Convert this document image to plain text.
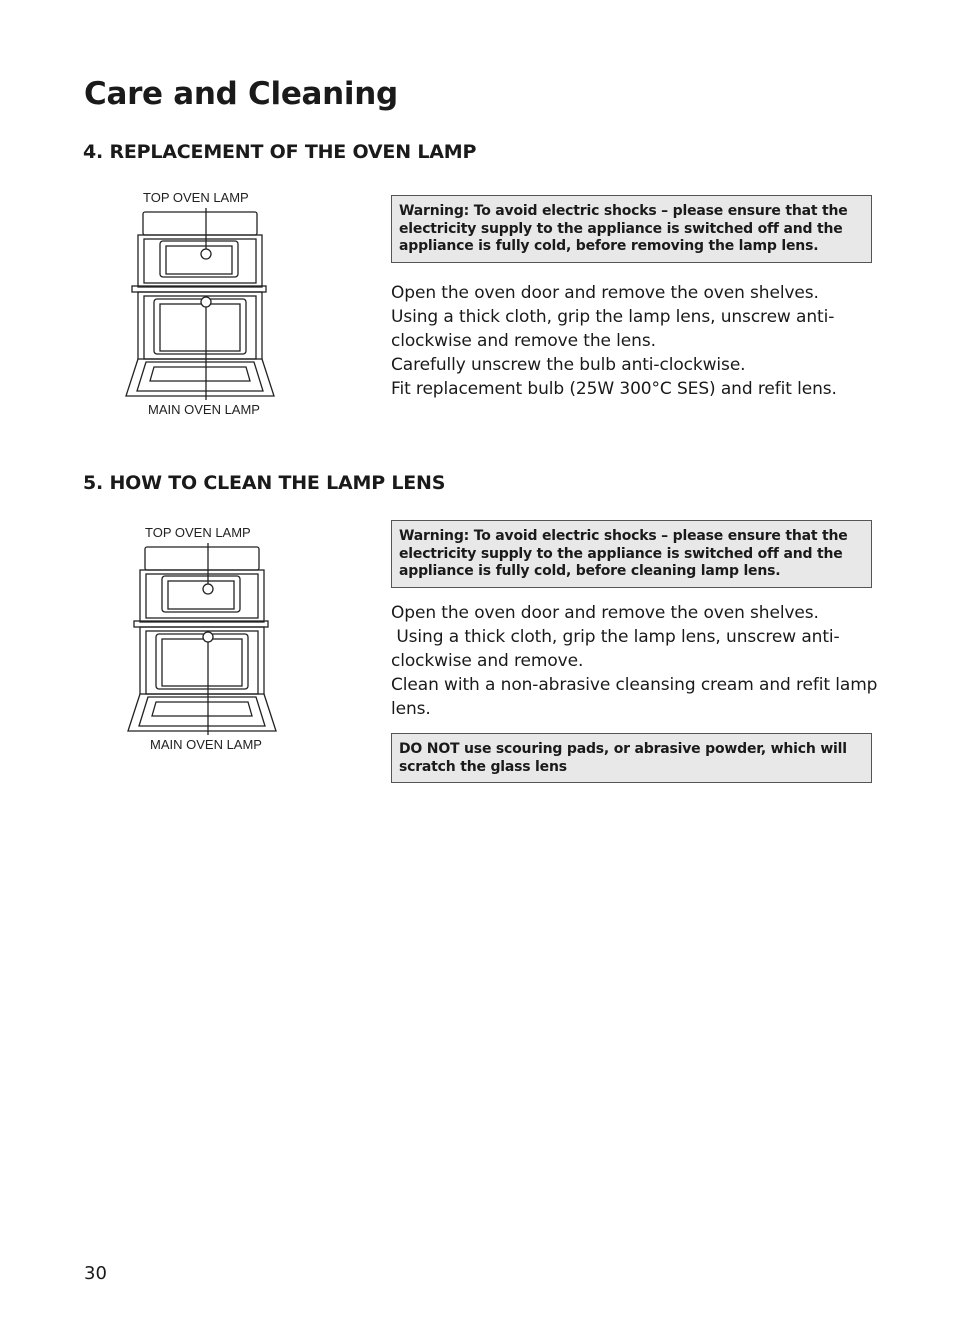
Care and Cleaning
4. REPLACEMENT OF THE OVEN LAMP
TOP OVEN LAMP
MAIN OVEN LAMP
Warning: To avoid electric shocks – please ensure that the electricity supply to the appliance is switched off and the appliance is fully cold, before removing the lamp lens.

Open the oven door and remove the oven shelves.

Using a thick cloth, grip the lamp lens, unscrew anti-clockwise and remove the lens.

Carefully unscrew the bulb anti-clockwise.

Fit replacement bulb (25W 300°C SES) and refit lens.

5. HOW TO CLEAN THE LAMP LENS
TOP OVEN LAMP
MAIN OVEN LAMP
Warning: To avoid electric shocks – please ensure that the electricity supply to the appliance is switched off and the appliance is fully cold, before cleaning lamp lens.

Open the oven door and remove the oven shelves.

Using a thick cloth, grip the lamp lens, unscrew anti-clockwise and remove.

Clean with a non-abrasive cleansing cream and refit lamp lens.

DO NOT use scouring pads, or abrasive powder, which will scratch the glass lens
30
